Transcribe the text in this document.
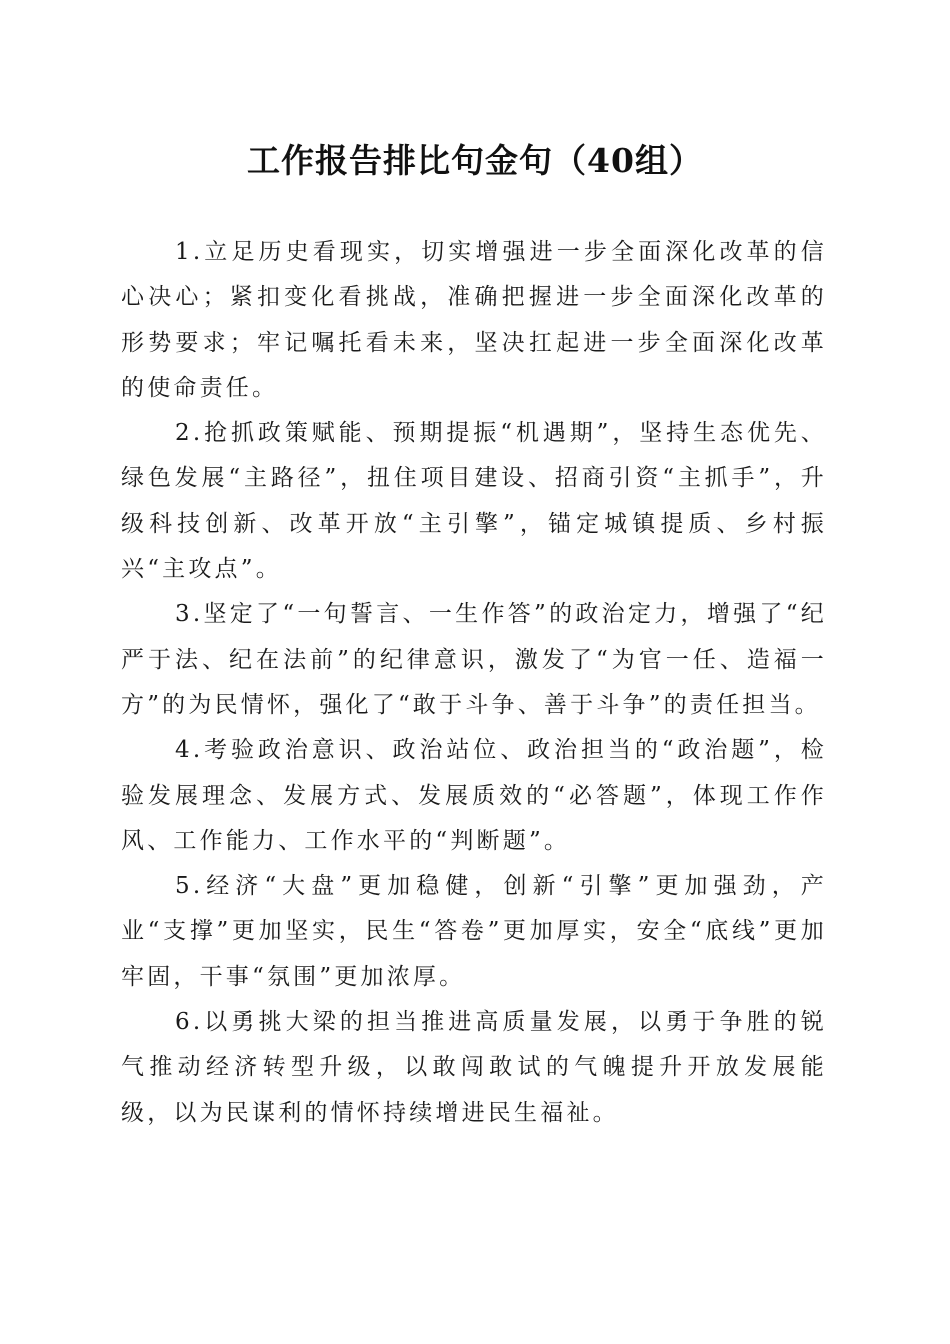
工作报告排比句金句（40组）

1.立足历史看现实，切实增强进一步全面深化改革的信心决心；紧扣变化看挑战，准确把握进一步全面深化改革的形势要求；牢记嘱托看未来，坚决扛起进一步全面深化改革的使命责任。

2.抢抓政策赋能、预期提振“机遇期”，坚持生态优先、绿色发展“主路径”，扭住项目建设、招商引资“主抓手”，升级科技创新、改革开放“主引擎”，锚定城镇提质、乡村振兴“主攻点”。

3.坚定了“一句誓言、一生作答”的政治定力，增强了“纪严于法、纪在法前”的纪律意识，激发了“为官一任、造福一方”的为民情怀，强化了“敢于斗争、善于斗争”的责任担当。

4.考验政治意识、政治站位、政治担当的“政治题”，检验发展理念、发展方式、发展质效的“必答题”，体现工作作风、工作能力、工作水平的“判断题”。

5.经济“大盘”更加稳健，创新“引擎”更加强劲，产业“支撑”更加坚实，民生“答卷”更加厚实，安全“底线”更加牢固，干事“氛围”更加浓厚。

6.以勇挑大梁的担当推进高质量发展，以勇于争胜的锐气推动经济转型升级，以敢闯敢试的气魄提升开放发展能级，以为民谋利的情怀持续增进民生福祉。
